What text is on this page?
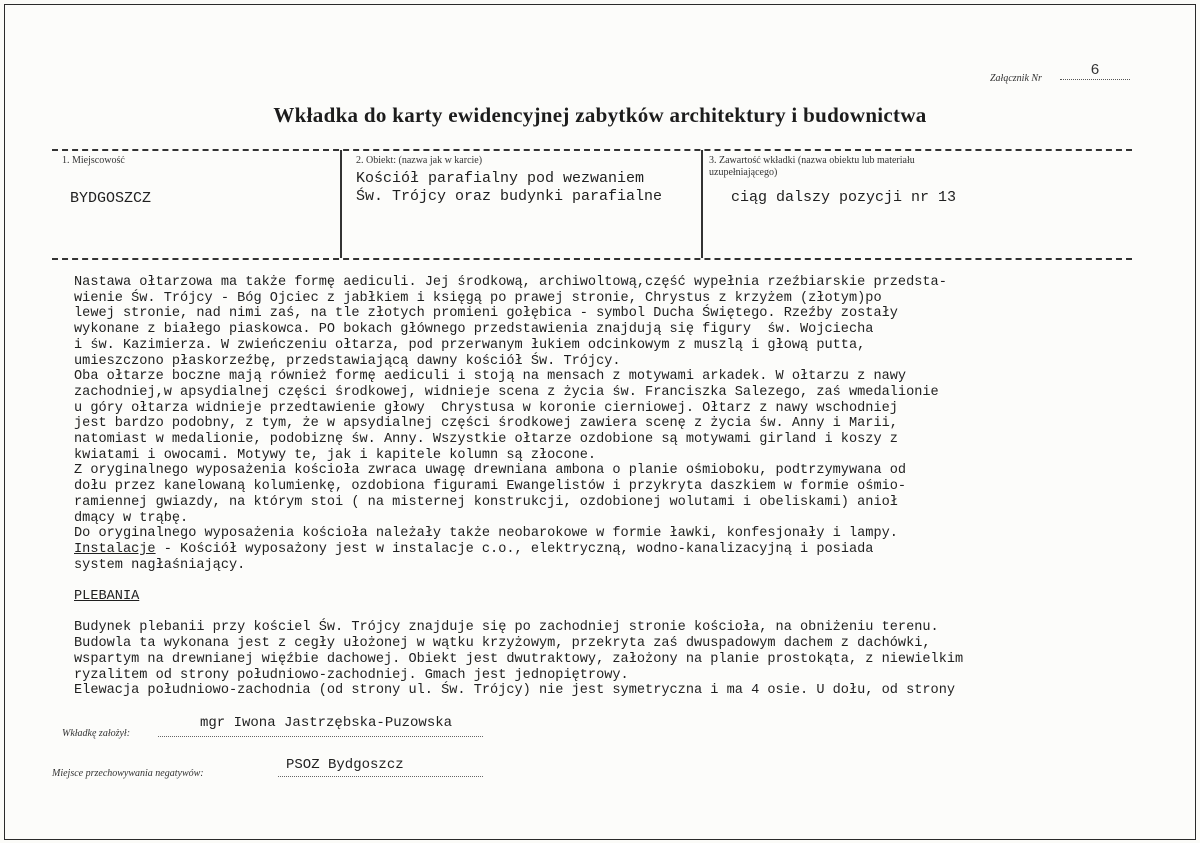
Załącznik Nr	6
Wkładka do karty ewidencyjnej zabytków architektury i budownictwa
1. Miejscowość
BYDGOSZCZ
2. Obiekt: (nazwa jak w karcie)
Kościół parafialny pod wezwaniem
Św. Trójcy oraz budynki parafialne
3. Zawartość wkładki (nazwa obiektu lub materiału
uzupełniającego)
ciąg dalszy pozycji nr 13
Nastawa ołtarzowa ma także formę aediculi. Jej środkową, archiwoltową,część wypełnia rzeźbiarskie przedsta-
wienie Św. Trójcy - Bóg Ojciec z jabłkiem i księgą po prawej stronie, Chrystus z krzyżem (złotym)po
lewej stronie, nad nimi zaś, na tle złotych promieni gołębica - symbol Ducha Świętego. Rzeźby zostały
wykonane z białego piaskowca. PO bokach głównego przedstawienia znajdują się figury  św. Wojciecha
i św. Kazimierza. W zwieńczeniu ołtarza, pod przerwanym łukiem odcinkowym z muszlą i głową putta,
umieszczono płaskorzeźbę, przedstawiającą dawny kościół Św. Trójcy.
Oba ołtarze boczne mają również formę aediculi i stoją na mensach z motywami arkadek. W ołtarzu z nawy
zachodniej,w apsydialnej części środkowej, widnieje scena z życia św. Franciszka Salezego, zaś wmedalionie
u góry ołtarza widnieje przedtawienie głowy  Chrystusa w koronie cierniowej. Ołtarz z nawy wschodniej
jest bardzo podobny, z tym, że w apsydialnej części środkowej zawiera scenę z życia św. Anny i Marii,
natomiast w medalionie, podobiznę św. Anny. Wszystkie ołtarze ozdobione są motywami girland i koszy z
kwiatami i owocami. Motywy te, jak i kapitele kolumn są złocone.
Z oryginalnego wyposażenia kościoła zwraca uwagę drewniana ambona o planie ośmioboku, podtrzymywana od
dołu przez kanelowaną kolumienkę, ozdobiona figurami Ewangelistów i przykryta daszkiem w formie ośmio-
ramiennej gwiazdy, na którym stoi ( na misternej konstrukcji, ozdobionej wolutami i obeliskami) anioł
dmący w trąbę.
Do oryginalnego wyposażenia kościoła należały także neobarokowe w formie ławki, konfesjonały i lampy.
Instalacje - Kościół wyposażony jest w instalacje c.o., elektryczną, wodno-kanalizacyjną i posiada
system nagłaśniający.

PLEBANIA

Budynek plebanii przy kościel Św. Trójcy znajduje się po zachodniej stronie kościoła, na obniżeniu terenu.
Budowla ta wykonana jest z cegły ułożonej w wątku krzyżowym, przekryta zaś dwuspadowym dachem z dachówki,
wspartym na drewnianej więźbie dachowej. Obiekt jest dwutraktowy, założony na planie prostokąta, z niewielkim
ryzalitem od strony południowo-zachodniej. Gmach jest jednopiętrowy.
Elewacja południowo-zachodnia (od strony ul. Św. Trójcy) nie jest symetryczna i ma 4 osie. U dołu, od strony
Wkładkę założył:
mgr Iwona Jastrzębska-Puzowska
Miejsce przechowywania negatywów:
PSOZ Bydgoszcz
